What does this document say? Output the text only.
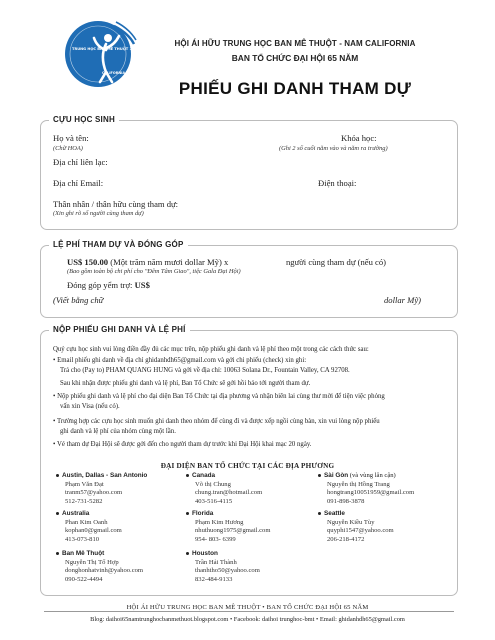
TRUNG HỌC BAN MÊ THUỘT 1956
CALIFORNIA 2020
HỘI ÁI HỮU TRUNG HỌC BAN MÊ THUỘT - NAM CALIFORNIA
BAN TỔ CHỨC ĐẠI HỘI 65 NĂM
PHIẾU GHI DANH THAM DỰ
CỰU HỌC SINH
Họ và tên:
(Chữ HOA)
Khóa học:
(Ghi 2 số cuối năm vào và năm ra trường)
Địa chỉ liên lạc:
Địa chỉ Email:	Điện thoại:
Thân nhân / thân hữu cùng tham dự:
(Xin ghi rõ số người cùng tham dự)
LỆ PHÍ THAM DỰ VÀ ĐÓNG GÓP
US$ 150.00 (Một trăm năm mươi dollar Mỹ) x	người cùng tham dự (nếu có)
(Bao gồm toàn bộ chi phí cho "Đêm Tâm Giao", tiệc Gala Đại Hội)
Đóng góp yểm trợ: US$
(Viết bằng chữ	dollar Mỹ)
NỘP PHIẾU GHI DANH VÀ LỆ PHÍ
Quý cựu học sinh vui lòng điền đầy đủ các mục trên, nộp phiếu ghi danh và lệ phí theo một trong các cách thức sau:
• Email phiếu ghi danh về địa chỉ ghidanhdh65@gmail.com và gởi chi phiếu (check) xin ghi:
Trả cho (Pay to) PHAM QUANG HUNG và gởi về địa chỉ: 10063 Solana Dr., Fountain Valley, CA 92708.
Sau khi nhận được phiếu ghi danh và lệ phí, Ban Tổ Chức sẽ gởi hồi báo tới người tham dự.
• Nộp phiếu ghi danh và lệ phí cho đại diện Ban Tổ Chức tại địa phương và nhận biên lai cùng thư mời để tiện việc phỏng
vấn xin Visa (nếu có).
• Trường hợp các cựu học sinh muốn ghi danh theo nhóm để cùng đi và được xếp ngồi cùng bàn, xin vui lòng nộp phiếu
ghi danh và lệ phí của nhóm cùng một lần.
• Vé tham dự Đại Hội sẽ được gởi đến cho người tham dự trước khi Đại Hội khai mạc 20 ngày.
ĐẠI DIỆN BAN TỔ CHỨC TẠI CÁC ĐỊA PHƯƠNG
Austin, Dallas - San Antonio
Phạm Văn Đạt
tranm57@yahoo.com
512-731-5282
Canada
Võ thị Chung
chung.tran@hotmail.com
403-516-4115
Sài Gòn (và vùng lân cận)
Nguyễn thị Hồng Trang
hongtrang10051959@gmail.com
091-898-3878
Australia
Phan Kim Oanh
kophan0@gmail.com
413-073-810
Florida
Phạm Kim Hương
nhuthuong1975@gmail.com
954- 803- 6399
Seattle
Nguyễn Kiều Tùy
quyphi1547@yahoo.com
206-218-4172
Ban Mê Thuột
Nguyễn Thị Tố Hợp
donghonhatvinh@yahoo.com
090-522-4494
Houston
Trần Hải Thành
thanhtho50@yahoo.com
832-484-9133
HỘI ÁI HỮU TRUNG HỌC BAN MÊ THUỘT • BAN TỔ CHỨC ĐẠI HỘI 65 NĂM
Blog: daihoi65namtrunghocbanmethuot.blogspot.com • Facebook: daihoi trunghoc-bmt • Email: ghidanhdh65@gmail.com
